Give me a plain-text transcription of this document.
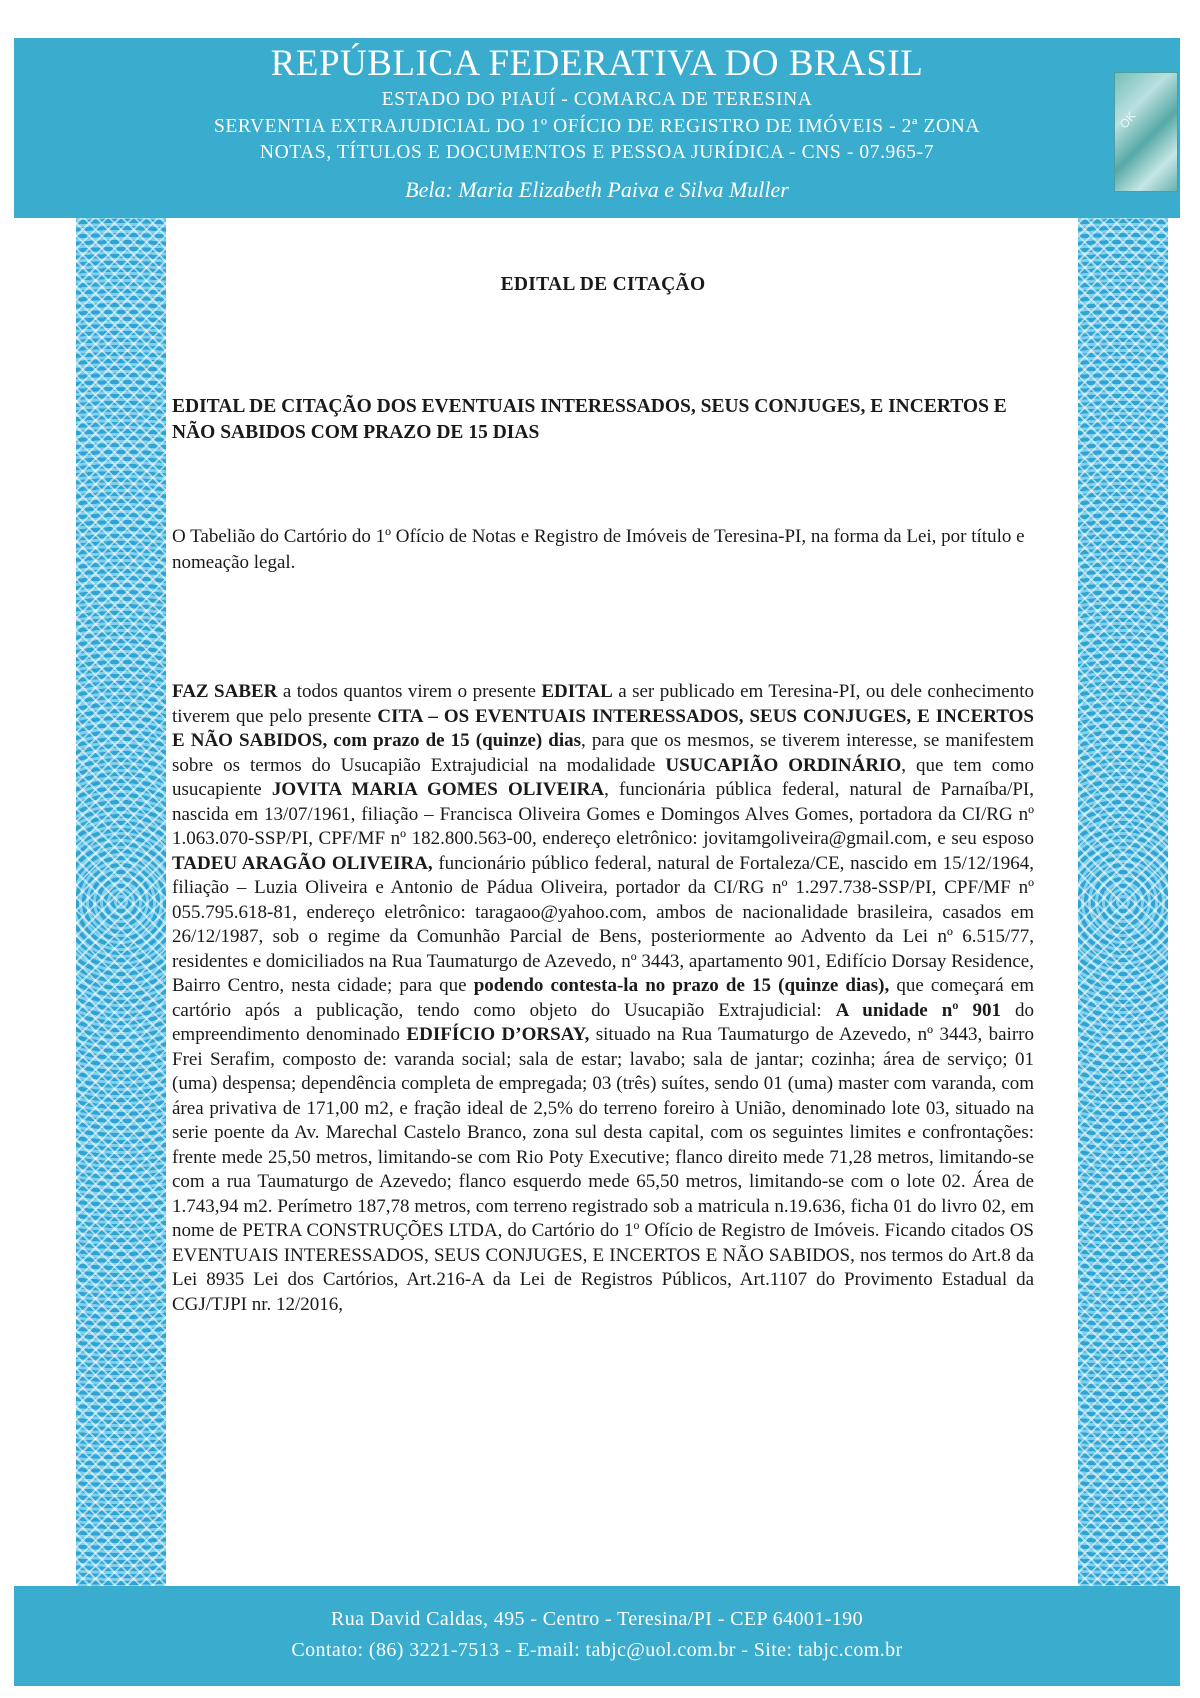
REPÚBLICA FEDERATIVA DO BRASIL
ESTADO DO PIAUÍ - COMARCA DE TERESINA
SERVENTIA EXTRAJUDICIAL DO 1º OFÍCIO DE REGISTRO DE IMÓVEIS - 2ª ZONA
NOTAS, TÍTULOS E DOCUMENTOS E PESSOA JURÍDICA - CNS - 07.965-7
Bela: Maria Elizabeth Paiva e Silva Muller
OK
EDITAL DE CITAÇÃO
EDITAL DE CITAÇÃO DOS EVENTUAIS INTERESSADOS, SEUS CONJUGES, E INCERTOS E NÃO SABIDOS COM PRAZO DE 15 DIAS
O Tabelião do Cartório do 1º Ofício de Notas e Registro de Imóveis de Teresina-PI, na forma da Lei, por título e nomeação legal.
FAZ SABER a todos quantos virem o presente EDITAL a ser publicado em Teresina-PI, ou dele conhecimento tiverem que pelo presente CITA – OS EVENTUAIS INTERESSADOS, SEUS CONJUGES, E INCERTOS E NÃO SABIDOS, com prazo de 15 (quinze) dias, para que os mesmos, se tiverem interesse, se manifestem sobre os termos do Usucapião Extrajudicial na modalidade USUCAPIÃO ORDINÁRIO, que tem como usucapiente JOVITA MARIA GOMES OLIVEIRA, funcionária pública federal, natural de Parnaíba/PI, nascida em 13/07/1961, filiação – Francisca Oliveira Gomes e Domingos Alves Gomes, portadora da CI/RG nº 1.063.070-SSP/PI, CPF/MF nº 182.800.563-00, endereço eletrônico: jovitamgoliveira@gmail.com, e seu esposo TADEU ARAGÃO OLIVEIRA, funcionário público federal, natural de Fortaleza/CE, nascido em 15/12/1964, filiação – Luzia Oliveira e Antonio de Pádua Oliveira, portador da CI/RG nº 1.297.738-SSP/PI, CPF/MF nº 055.795.618-81, endereço eletrônico: taragaoo@yahoo.com, ambos de nacionalidade brasileira, casados em 26/12/1987, sob o regime da Comunhão Parcial de Bens, posteriormente ao Advento da Lei nº 6.515/77, residentes e domiciliados na Rua Taumaturgo de Azevedo, nº 3443, apartamento 901, Edifício Dorsay Residence, Bairro Centro, nesta cidade; para que podendo contesta-la no prazo de 15 (quinze dias), que começará em cartório após a publicação, tendo como objeto do Usucapião Extrajudicial: A unidade nº 901 do empreendimento denominado EDIFÍCIO D’ORSAY, situado na Rua Taumaturgo de Azevedo, nº 3443, bairro Frei Serafim, composto de: varanda social; sala de estar; lavabo; sala de jantar; cozinha; área de serviço; 01 (uma) despensa; dependência completa de empregada; 03 (três) suítes, sendo 01 (uma) master com varanda, com área privativa de 171,00 m2, e fração ideal de 2,5% do terreno foreiro à União, denominado lote 03, situado na serie poente da Av. Marechal Castelo Branco, zona sul desta capital, com os seguintes limites e confrontações: frente mede 25,50 metros, limitando-se com Rio Poty Executive; flanco direito mede 71,28 metros, limitando-se com a rua Taumaturgo de Azevedo; flanco esquerdo mede 65,50 metros, limitando-se com o lote 02. Área de 1.743,94 m2. Perímetro 187,78 metros, com terreno registrado sob a matricula n.19.636, ficha 01 do livro 02, em nome de PETRA CONSTRUÇÕES LTDA, do Cartório do 1º Ofício de Registro de Imóveis. Ficando citados OS EVENTUAIS INTERESSADOS, SEUS CONJUGES, E INCERTOS E NÃO SABIDOS, nos termos do Art.8 da Lei 8935 Lei dos Cartórios, Art.216-A da Lei de Registros Públicos, Art.1107 do Provimento Estadual da CGJ/TJPI nr. 12/2016,
Rua David Caldas, 495 - Centro - Teresina/PI - CEP 64001-190
Contato: (86) 3221-7513 - E-mail: tabjc@uol.com.br - Site: tabjc.com.br
